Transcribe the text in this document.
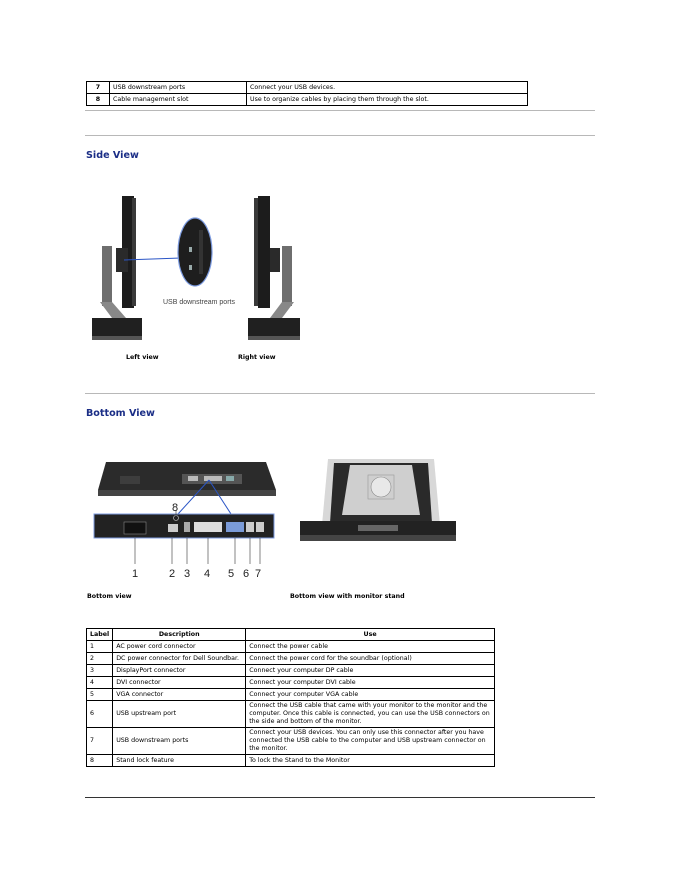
7	USB downstream ports	Connect your USB devices.
8	Cable management slot	Use to organize cables by placing them through the slot.
Side View
USB downstream ports
Left view	Right view
Bottom View
8
1	2 3 4 5 6 7
Bottom view	Bottom view with monitor stand
Label	Description	Use
1	AC power cord connector	Connect the power cable
2	DC power connector for Dell Soundbar.	Connect the power cord for the soundbar (optional)
3	DisplayPort connector	Connect your computer DP cable
4	DVI connector	Connect your computer DVI cable
5	VGA connector	Connect your computer VGA cable
6	USB upstream port	Connect the USB cable that came with your monitor to the monitor and the computer. Once this cable is connected, you can use the USB connectors on the side and bottom of the monitor.
7	USB downstream ports	Connect your USB devices. You can only use this connector after you have connected the USB cable to the computer and USB upstream connector on the monitor.
8	Stand lock feature	To lock the Stand to the Monitor
